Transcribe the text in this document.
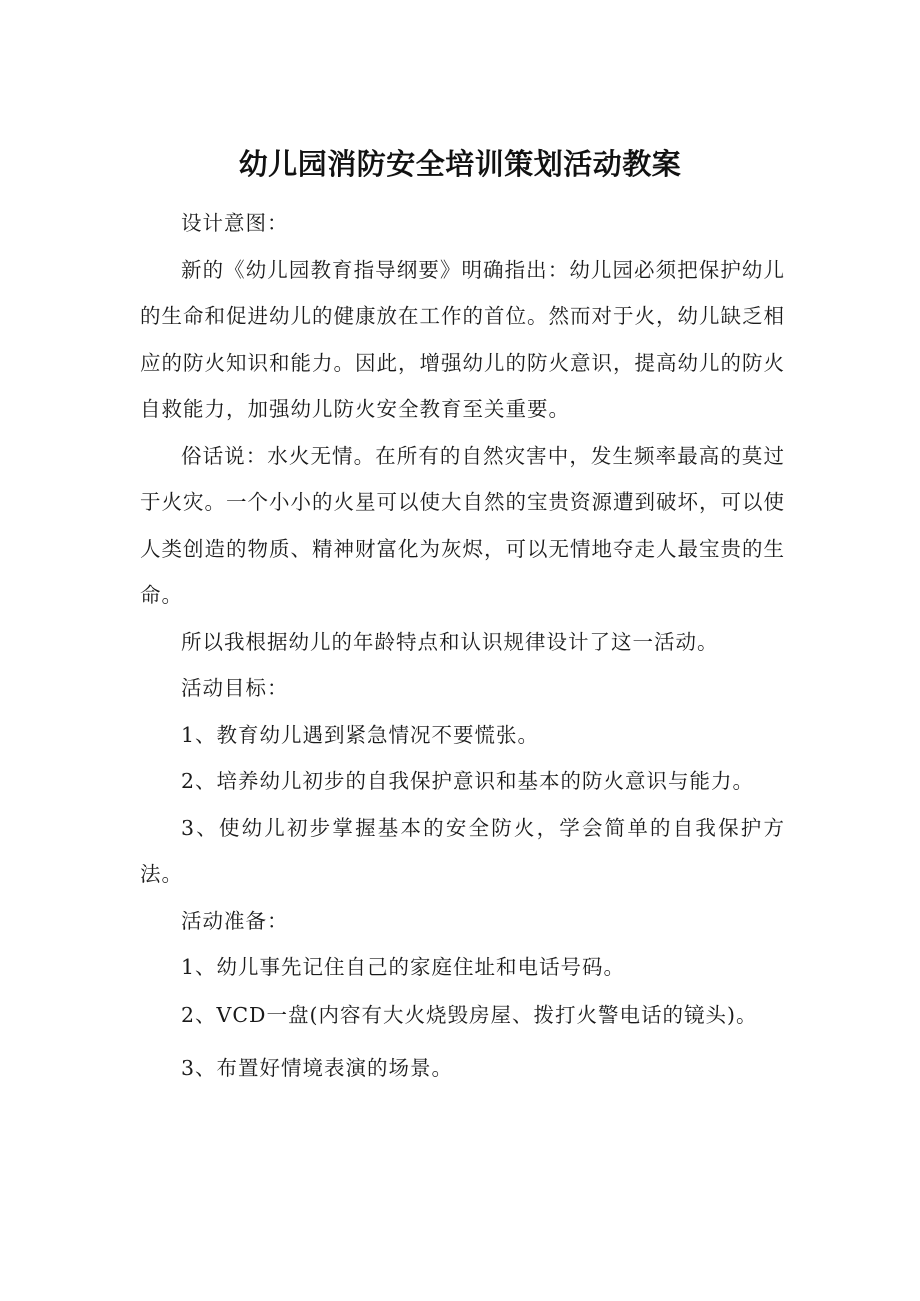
幼儿园消防安全培训策划活动教案

设计意图：

新的《幼儿园教育指导纲要》明确指出：幼儿园必须把保护幼儿的生命和促进幼儿的健康放在工作的首位。然而对于火，幼儿缺乏相应的防火知识和能力。因此，增强幼儿的防火意识，提高幼儿的防火自救能力，加强幼儿防火安全教育至关重要。

俗话说：水火无情。在所有的自然灾害中，发生频率最高的莫过于火灾。一个小小的火星可以使大自然的宝贵资源遭到破坏，可以使人类创造的物质、精神财富化为灰烬，可以无情地夺走人最宝贵的生命。

所以我根据幼儿的年龄特点和认识规律设计了这一活动。

活动目标：

1、教育幼儿遇到紧急情况不要慌张。

2、培养幼儿初步的自我保护意识和基本的防火意识与能力。

3、使幼儿初步掌握基本的安全防火，学会简单的自我保护方法。

活动准备：

1、幼儿事先记住自己的家庭住址和电话号码。

2、VCD一盘(内容有大火烧毁房屋、拨打火警电话的镜头)。

3、布置好情境表演的场景。
